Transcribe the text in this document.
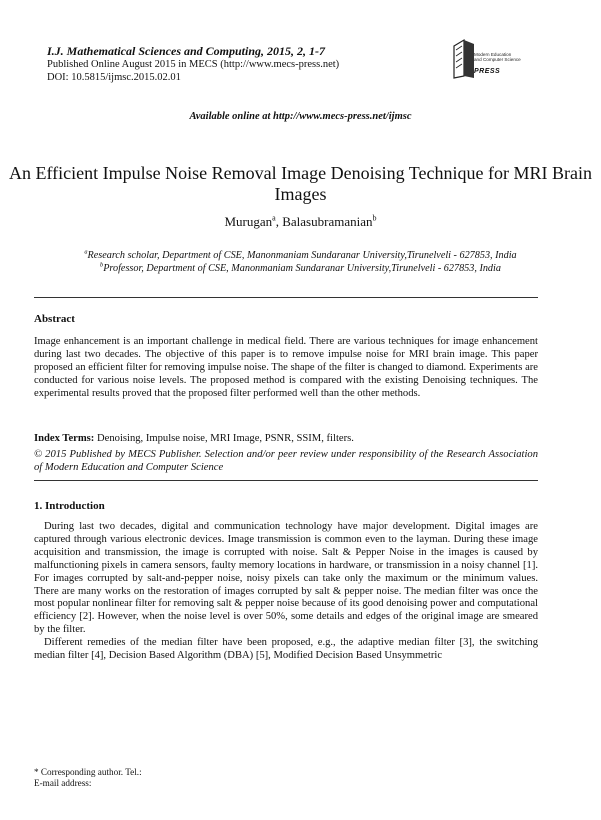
I.J. Mathematical Sciences and Computing, 2015, 2, 1-7
Published Online August 2015 in MECS (http://www.mecs-press.net)
DOI: 10.5815/ijmsc.2015.02.01
Modern Education
and Computer Science
PRESS
Available online at http://www.mecs-press.net/ijmsc
An Efficient Impulse Noise Removal Image Denoising Technique for MRI Brain Images
Murugan$^a$, Balasubramanian$^b$
$^a$Research scholar, Department of CSE, Manonmaniam Sundaranar University,Tirunelveli - 627853, India
$^b$Professor, Department of CSE, Manonmaniam Sundaranar University,Tirunelveli - 627853, India
Abstract
Image enhancement is an important challenge in medical field. There are various techniques for image enhancement during last two decades. The objective of this paper is to remove impulse noise for MRI brain image. This paper proposed an efficient filter for removing impulse noise. The shape of the filter is changed to diamond. Experiments are conducted for various noise levels. The proposed method is compared with the existing Denoising techniques. The experimental results proved that the proposed filter performed well than the other methods.
Index Terms: Denoising, Impulse noise, MRI Image, PSNR, SSIM, filters.
© 2015 Published by MECS Publisher. Selection and/or peer review under responsibility of the Research Association of Modern Education and Computer Science
1. Introduction

During last two decades, digital and communication technology have major development. Digital images are captured through various electronic devices. Image transmission is common even to the layman. During these image acquisition and transmission, the image is corrupted with noise. Salt & Pepper Noise in the images is caused by malfunctioning pixels in camera sensors, faulty memory locations in hardware, or transmission in a noisy channel [1]. For images corrupted by salt-and-pepper noise, noisy pixels can take only the maximum or the minimum values. There are many works on the restoration of images corrupted by salt & pepper noise. The median filter was once the most popular nonlinear filter for removing salt & pepper noise because of its good denoising power and computational efficiency [2]. However, when the noise level is over 50%, some details and edges of the original image are smeared by the filter.

Different remedies of the median filter have been proposed, e.g., the adaptive median filter [3], the switching median filter [4], Decision Based Algorithm (DBA) [5], Modified Decision Based Unsymmetric

* Corresponding author. Tel.:
E-mail address:
